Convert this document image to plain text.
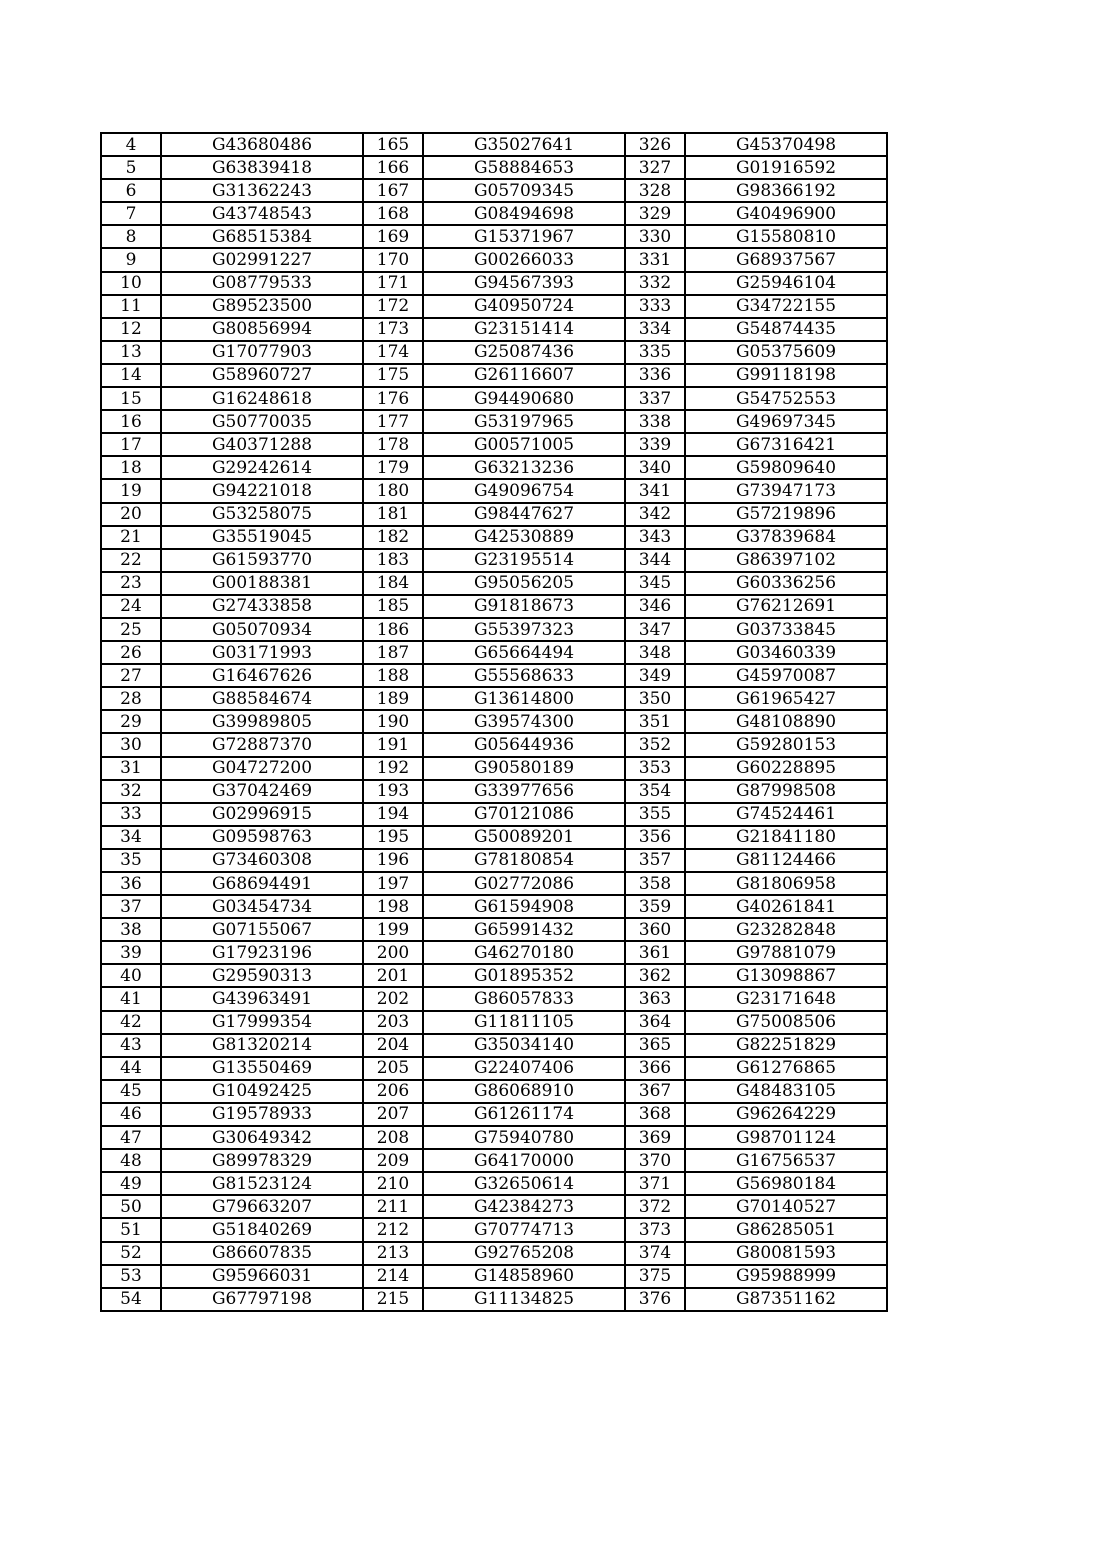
4	G43680486	165	G35027641	326	G45370498
5	G63839418	166	G58884653	327	G01916592
6	G31362243	167	G05709345	328	G98366192
7	G43748543	168	G08494698	329	G40496900
8	G68515384	169	G15371967	330	G15580810
9	G02991227	170	G00266033	331	G68937567
10	G08779533	171	G94567393	332	G25946104
11	G89523500	172	G40950724	333	G34722155
12	G80856994	173	G23151414	334	G54874435
13	G17077903	174	G25087436	335	G05375609
14	G58960727	175	G26116607	336	G99118198
15	G16248618	176	G94490680	337	G54752553
16	G50770035	177	G53197965	338	G49697345
17	G40371288	178	G00571005	339	G67316421
18	G29242614	179	G63213236	340	G59809640
19	G94221018	180	G49096754	341	G73947173
20	G53258075	181	G98447627	342	G57219896
21	G35519045	182	G42530889	343	G37839684
22	G61593770	183	G23195514	344	G86397102
23	G00188381	184	G95056205	345	G60336256
24	G27433858	185	G91818673	346	G76212691
25	G05070934	186	G55397323	347	G03733845
26	G03171993	187	G65664494	348	G03460339
27	G16467626	188	G55568633	349	G45970087
28	G88584674	189	G13614800	350	G61965427
29	G39989805	190	G39574300	351	G48108890
30	G72887370	191	G05644936	352	G59280153
31	G04727200	192	G90580189	353	G60228895
32	G37042469	193	G33977656	354	G87998508
33	G02996915	194	G70121086	355	G74524461
34	G09598763	195	G50089201	356	G21841180
35	G73460308	196	G78180854	357	G81124466
36	G68694491	197	G02772086	358	G81806958
37	G03454734	198	G61594908	359	G40261841
38	G07155067	199	G65991432	360	G23282848
39	G17923196	200	G46270180	361	G97881079
40	G29590313	201	G01895352	362	G13098867
41	G43963491	202	G86057833	363	G23171648
42	G17999354	203	G11811105	364	G75008506
43	G81320214	204	G35034140	365	G82251829
44	G13550469	205	G22407406	366	G61276865
45	G10492425	206	G86068910	367	G48483105
46	G19578933	207	G61261174	368	G96264229
47	G30649342	208	G75940780	369	G98701124
48	G89978329	209	G64170000	370	G16756537
49	G81523124	210	G32650614	371	G56980184
50	G79663207	211	G42384273	372	G70140527
51	G51840269	212	G70774713	373	G86285051
52	G86607835	213	G92765208	374	G80081593
53	G95966031	214	G14858960	375	G95988999
54	G67797198	215	G11134825	376	G87351162
